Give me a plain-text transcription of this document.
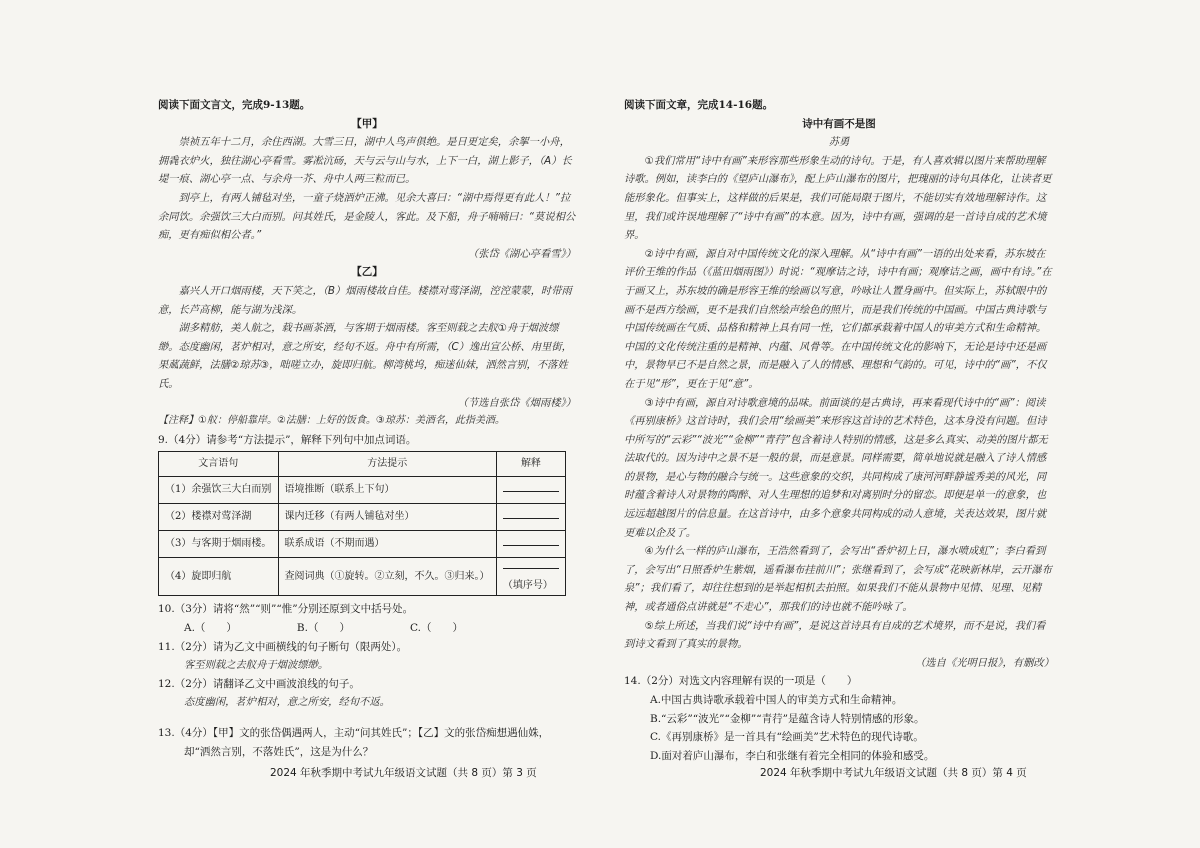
阅读下面文言文，完成9-13题。

【甲】

崇祯五年十二月，余住西湖。大雪三日，湖中人鸟声俱绝。是日更定矣，余挐一小舟，拥毳衣炉火，独往湖心亭看雪。雾凇沆砀，天与云与山与水，上下一白，湖上影子，（A）长堤一痕、湖心亭一点、与余舟一芥、舟中人两三粒而已。

到亭上，有两人铺毡对坐，一童子烧酒炉正沸。见余大喜曰：“湖中焉得更有此人！”拉余同饮。余强饮三大白而别。问其姓氏，是金陵人，客此。及下船，舟子喃喃曰：“莫说相公痴，更有痴似相公者。”

（张岱《湖心亭看雪》）

【乙】

嘉兴人开口烟雨楼，天下笑之，（B）烟雨楼故自佳。楼襟对莺泽湖，涳涳蒙蒙，时带雨意，长芦高柳，能与湖为浅深。

湖多精舫，美人航之，载书画茶酒，与客期于烟雨楼。客至则载之去舣①舟于烟波缥缈。态度幽闲，茗炉相对，意之所安，经旬不返。舟中有所需，（C）逸出宣公桥、甪里街，果蓏蔬鲜，法膳②琼苏③，咄嗟立办，旋即归航。柳湾桃坞，痴迷仙妹，洒然言别，不落姓氏。

（节选自张岱《烟雨楼》）

【注释】①舣：停船靠岸。②法膳：上好的饭食。③琼苏：美酒名，此指美酒。

9.（4分）请参考“方法提示”，解释下列句中加点词语。

文言语句	方法提示	解释
（1）余强饮三大白而别	语境推断（联系上下句）	
（2）楼襟对莺泽湖	课内迁移（有两人铺毡对坐）	
（3）与客期于烟雨楼。	联系成语（不期而遇）	
（4）旋即归航	查阅词典（①旋转。②立刻，不久。③归来。）	（填序号）

10.（3分）请将“然”“则”“惟”分别还原到文中括号处。

A.（　　）	B.（　　）	C.（　　）

11.（2分）请为乙文中画横线的句子断句（限两处）。

客至则载之去舣舟于烟波缥缈。

12.（2分）请翻译乙文中画波浪线的句子。

态度幽闲，茗炉相对，意之所安，经旬不返。

13.（4分）【甲】文的张岱偶遇两人，主动“问其姓氏”；【乙】文的张岱痴想遇仙姝，

却“洒然言别，不落姓氏”，这是为什么？

2024 年秋季期中考试九年级语文试题（共 8 页）第 3 页

阅读下面文章，完成14-16题。

诗中有画不是图

苏勇

①我们常用“诗中有画”来形容那些形象生动的诗句。于是，有人喜欢辑以图片来帮助理解诗歌。例如，读李白的《望庐山瀑布》，配上庐山瀑布的图片，把瑰丽的诗句具体化，让读者更能形象化。但事实上，这样做的后果是，我们可能局限于图片，不能切实有效地理解诗作。这里，我们或许误地理解了“诗中有画”的本意。因为，诗中有画，强调的是一首诗自成的艺术境界。

②诗中有画，源自对中国传统文化的深入理解。从“诗中有画”一语的出处来看，苏东坡在评价王维的作品（《蓝田烟雨图》）时说：“观摩诘之诗，诗中有画；观摩诘之画，画中有诗。”在于画又上，苏东坡的确是形容王维的绘画以写意，吟咏让人置身画中。但实际上，苏轼眼中的画不是西方绘画，更不是我们自然绘声绘色的照片，而是我们传统的中国画。中国古典诗歌与中国传统画在气质、品格和精神上具有同一性，它们都承载着中国人的审美方式和生命精神。中国的文化传统注重的是精神、内蕴、风骨等。在中国传统文化的影响下，无论是诗中还是画中，景物早已不是自然之景，而是融入了人的情感、理想和气韵的。可见，诗中的“画”，不仅在于见“形”，更在于见“意”。

③诗中有画，源自对诗歌意境的品味。前面谈的是古典诗，再来看现代诗中的“画”：阅读《再别康桥》这首诗时，我们会用“绘画美”来形容这首诗的艺术特色，这本身没有问题。但诗中所写的“云彩”“波光”“金柳”“青荇”包含着诗人特别的情感，这是多么真实、动美的图片都无法取代的。因为诗中之景不是一般的景，而是意景。同样需要，简单地说就是融入了诗人情感的景物，是心与物的融合与统一。这些意象的交织，共同构成了康河河畔静谧秀美的风光，同时蕴含着诗人对景物的陶醉、对人生理想的追梦和对离别时分的留恋。即便是单一的意象，也远远超越图片的信息量。在这首诗中，由多个意象共同构成的动人意境，关表达效果，图片就更难以企及了。

④为什么一样的庐山瀑布，王浩然看到了，会写出“香炉初上日，瀑水喷成虹”；李白看到了，会写出“日照香炉生紫烟，遥看瀑布挂前川”；张继看到了，会写成“花映新林岸，云开瀑布泉”；我们看了，却往往想到的是举起相机去拍照。如果我们不能从景物中见情、见理、见精神，或者通俗点讲就是“不走心”，那我们的诗也就不能吟咏了。

⑤综上所述，当我们说“诗中有画”，是说这首诗具有自成的艺术境界，而不是说，我们看到诗文看到了真实的景物。

（选自《光明日报》，有删改）

14.（2分）对选文内容理解有误的一项是（　　）

A.中国古典诗歌承载着中国人的审美方式和生命精神。

B.“云彩”“波光”“金柳”“青荇”是蕴含诗人特别情感的形象。

C.《再别康桥》是一首具有“绘画美”艺术特色的现代诗歌。

D.面对着庐山瀑布，李白和张继有着完全相同的体验和感受。

2024 年秋季期中考试九年级语文试题（共 8 页）第 4 页
